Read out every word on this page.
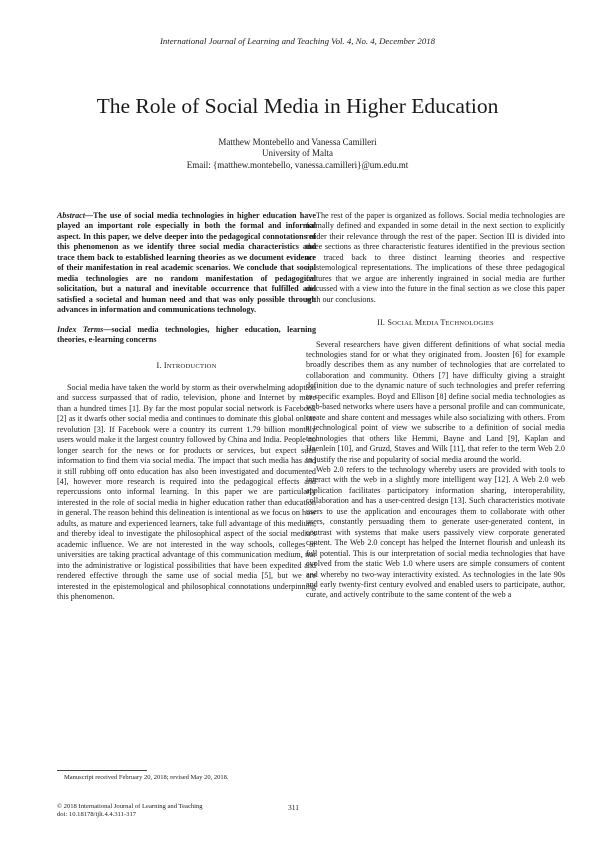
International Journal of Learning and Teaching Vol. 4, No. 4, December 2018
The Role of Social Media in Higher Education
Matthew Montebello and Vanessa Camilleri
University of Malta
Email: {matthew.montebello, vanessa.camilleri}@um.edu.mt

Abstract—The use of social media technologies in higher education have played an important role especially in both the formal and informal aspect. In this paper, we delve deeper into the pedagogical connotations of this phenomenon as we identify three social media characteristics and trace them back to established learning theories as we document evidence of their manifestation in real academic scenarios. We conclude that social media technologies are no random manifestation of pedagogical solicitation, but a natural and inevitable occurrence that fulfilled and satisfied a societal and human need and that was only possible through advances in information and communications technology.

Index Terms—social media technologies, higher education, learning theories, e-learning concerns

I. INTRODUCTION

Social media have taken the world by storm as their overwhelming adoption and success surpassed that of radio, television, phone and Internet by more than a hundred times [1]. By far the most popular social network is Facebook [2] as it dwarfs other social media and continues to dominate this global online revolution [3]. If Facebook were a country its current 1.79 billion monthly users would make it the largest country followed by China and India. People no longer search for the news or for products or services, but expect such information to find them via social media. The impact that such media has and it still rubbing off onto education has also been investigated and documented [4], however more research is required into the pedagogical effects and repercussions onto informal learning. In this paper we are particularly interested in the role of social media in higher education rather than education in general. The reason behind this delineation is intentional as we focus on how adults, as mature and experienced learners, take full advantage of this medium, and thereby ideal to investigate the philosophical aspect of the social media’s academic influence. We are not interested in the way schools, colleges or universities are taking practical advantage of this communication medium, nor into the administrative or logistical possibilities that have been expedited and rendered effective through the same use of social media [5], but we are interested in the epistemological and philosophical connotations underpinning this phenomenon.

The rest of the paper is organized as follows. Social media technologies are formally defined and expanded in some detail in the next section to explicitly render their relevance through the rest of the paper. Section III is divided into three sections as three characteristic features identified in the previous section are traced back to three distinct learning theories and respective epistemological representations. The implications of these three pedagogical features that we argue are inherently ingrained in social media are further discussed with a view into the future in the final section as we close this paper with our conclusions.

II. SOCIAL MEDIA TECHNOLOGIES

Several researchers have given different definitions of what social media technologies stand for or what they originated from. Joosten [6] for example broadly describes them as any number of technologies that are correlated to collaboration and community. Others [7] have difficulty giving a straight definition due to the dynamic nature of such technologies and prefer referring to specific examples. Boyd and Ellison [8] define social media technologies as web-based networks where users have a personal profile and can communicate, create and share content and messages while also socializing with others. From a technological point of view we subscribe to a definition of social media technologies that others like Hemmi, Bayne and Land [9], Kaplan and Haenlein [10], and Gruzd, Staves and Wilk [11], that refer to the term Web 2.0 to justify the rise and popularity of social media around the world.

Web 2.0 refers to the technology whereby users are provided with tools to interact with the web in a slightly more intelligent way [12]. A Web 2.0 web application facilitates participatory information sharing, interoperability, collaboration and has a user-centred design [13]. Such characteristics motivate users to use the application and encourages them to collaborate with other users, constantly persuading them to generate user-generated content, in contrast with systems that make users passively view corporate generated content. The Web 2.0 concept has helped the Internet flourish and unleash its full potential. This is our interpretation of social media technologies that have evolved from the static Web 1.0 where users are simple consumers of content and whereby no two-way interactivity existed. As technologies in the late 90s and early twenty-first century evolved and enabled users to participate, author, curate, and actively contribute to the same content of the web a

© 2018 International Journal of Learning and Teaching
doi: 10.18178/ijlt.4.4.311-317
311
Manuscript received February 20, 2018; revised May 20, 2018.
